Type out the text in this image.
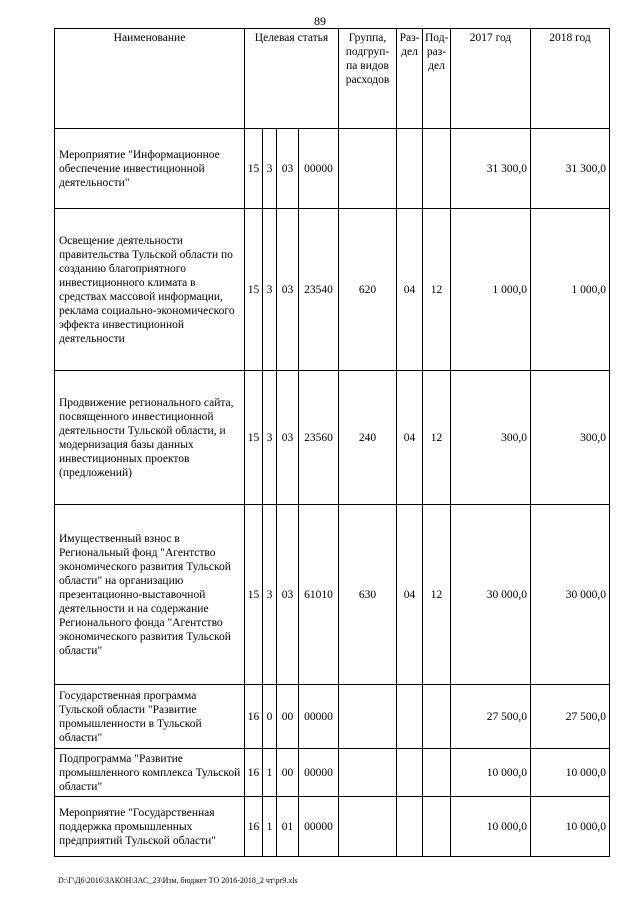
89
Наименование	Целевая статья				Группа, подгруп-па видов расходов	Раз-дел	Под-раз-дел	2017 год	2018 год
Мероприятие "Информационное обеспечение инвестиционной деятельности"	15	3	03	00000				31 300,0	31 300,0
Освещение деятельности правительства Тульской области по созданию благоприятного инвестиционного климата в средствах массовой информации, реклама социально-экономического эффекта инвестиционной деятельности	15	3	03	23540	620	04	12	1 000,0	1 000,0
Продвижение регионального сайта, посвященного инвестиционной деятельности Тульской области, и модернизация базы данных инвестиционных проектов (предложений)	15	3	03	23560	240	04	12	300,0	300,0
Имущественный взнос в Региональный фонд "Агентство экономического развития Тульской области" на организацию презентационно-выставочной деятельности и на содержание Регионального фонда "Агентство экономического развития Тульской области"	15	3	03	61010	630	04	12	30 000,0	30 000,0
Государственная программа Тульской области "Развитие промышленности в Тульской области"	16	0	00	00000				27 500,0	27 500,0
Подпрограмма "Развитие промышленного комплекса Тульской области"	16	1	00	00000				10 000,0	10 000,0
Мероприятие "Государственная поддержка промышленных предприятий Тульской области"	16	1	01	00000				10 000,0	10 000,0
D:\Г\Д6\2016\ЗАКОН\ЗАС_23\Изм. бюджет ТО 2016-2018_2 чт\pr9.xls
